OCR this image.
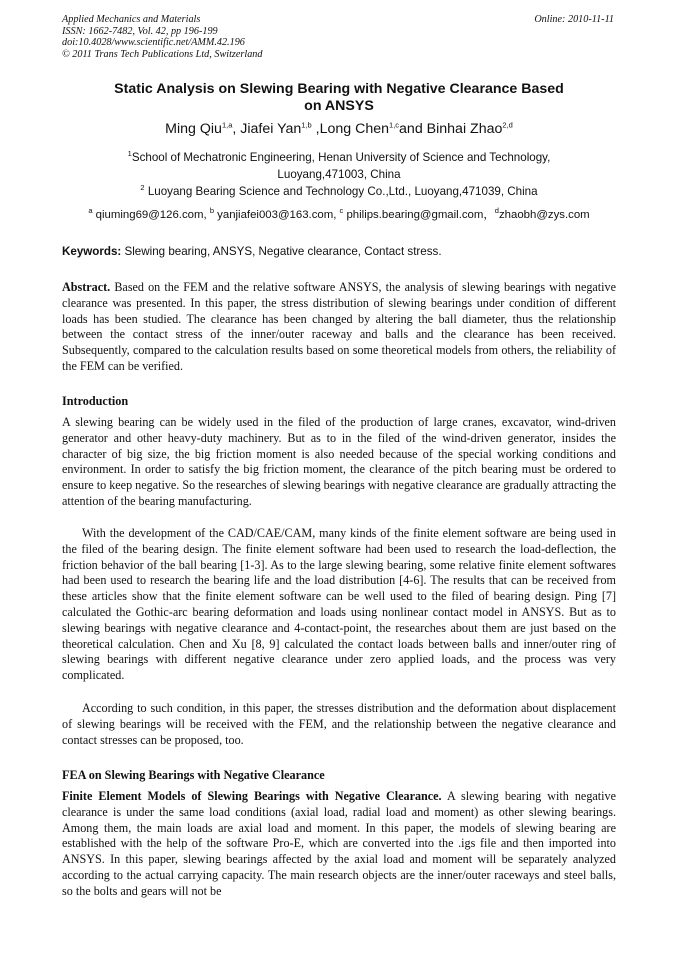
Applied Mechanics and Materials
ISSN: 1662-7482, Vol. 42, pp 196-199
doi:10.4028/www.scientific.net/AMM.42.196
© 2011 Trans Tech Publications Ltd, Switzerland
Online: 2010-11-11
Static Analysis on Slewing Bearing with Negative Clearance Based
on ANSYS
Ming Qiu$^{1,a}$, Jiafei Yan$^{1,b}$ ,Long Chen$^{1,c}$and Binhai Zhao$^{2,d}$
$^1$School of Mechatronic Engineering, Henan University of Science and Technology,
Luoyang,471003, China
$^2$ Luoyang Bearing Science and Technology Co.,Ltd., Luoyang,471039, China
$^a$ qiuming69@126.com, $^b$ yanjiafei003@163.com, $^c$ philips.bearing@gmail.com，$^d$zhaobh@zys.com
Keywords: Slewing bearing, ANSYS, Negative clearance, Contact stress.

Abstract. Based on the FEM and the relative software ANSYS, the analysis of slewing bearings with negative clearance was presented. In this paper, the stress distribution of slewing bearings under condition of different loads has been studied. The clearance has been changed by altering the ball diameter, thus the relationship between the contact stress of the inner/outer raceway and balls and the clearance has been received. Subsequently, compared to the calculation results based on some theoretical models from others, the reliability of the FEM can be verified.

Introduction

A slewing bearing can be widely used in the filed of the production of large cranes, excavator, wind-driven generator and other heavy-duty machinery. But as to in the filed of the wind-driven generator, insides the character of big size, the big friction moment is also needed because of the special working conditions and environment. In order to satisfy the big friction moment, the clearance of the pitch bearing must be ordered to ensure to keep negative. So the researches of slewing bearings with negative clearance are gradually attracting the attention of the bearing manufacturing.

With the development of the CAD/CAE/CAM, many kinds of the finite element software are being used in the filed of the bearing design. The finite element software had been used to research the load-deflection, the friction behavior of the ball bearing [1-3]. As to the large slewing bearing, some relative finite element softwares had been used to research the bearing life and the load distribution [4-6]. The results that can be received from these articles show that the finite element software can be well used to the filed of bearing design. Ping [7] calculated the Gothic-arc bearing deformation and loads using nonlinear contact model in ANSYS. But as to slewing bearings with negative clearance and 4-contact-point, the researches about them are just based on the theoretical calculation. Chen and Xu [8, 9] calculated the contact loads between balls and inner/outer ring of slewing bearings with different negative clearance under zero applied loads, and the process was very complicated.

According to such condition, in this paper, the stresses distribution and the deformation about displacement of slewing bearings will be received with the FEM, and the relationship between the negative clearance and contact stresses can be proposed, too.

FEA on Slewing Bearings with Negative Clearance

Finite Element Models of Slewing Bearings with Negative Clearance. A slewing bearing with negative clearance is under the same load conditions (axial load, radial load and moment) as other slewing bearings. Among them, the main loads are axial load and moment. In this paper, the models of slewing bearing are established with the help of the software Pro-E, which are converted into the .igs file and then imported into ANSYS. In this paper, slewing bearings affected by the axial load and moment will be separately analyzed according to the actual carrying capacity. The main research objects are the inner/outer raceways and steel balls, so the bolts and gears will not be
